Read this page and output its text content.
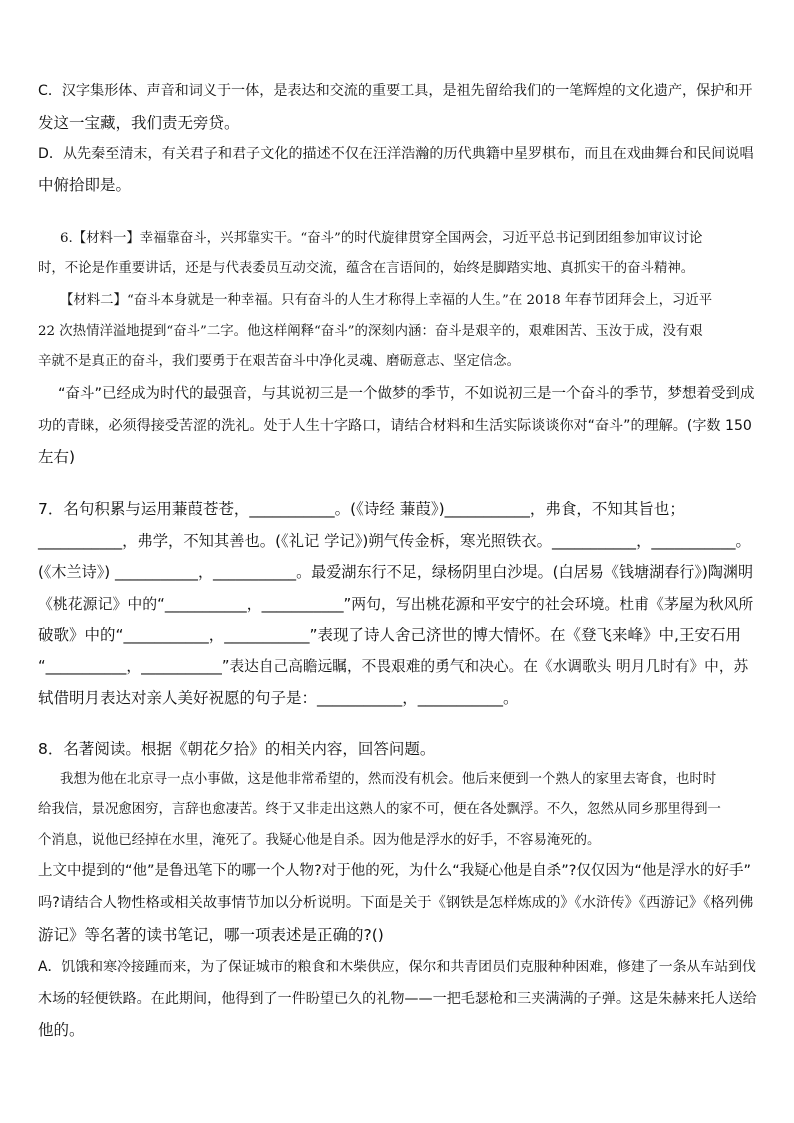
C．汉字集形体、声音和词义于一体，是表达和交流的重要工具，是祖先留给我们的一笔辉煌的文化遗产，保护和开
发这一宝藏，我们责无旁贷。
D．从先秦至清末，有关君子和君子文化的描述不仅在汪洋浩瀚的历代典籍中星罗棋布，而且在戏曲舞台和民间说唱
中俯拾即是。
6.【材料一】幸福靠奋斗，兴邦靠实干。“奋斗”的时代旋律贯穿全国两会，习近平总书记到团组参加审议讨论
时，不论是作重要讲话，还是与代表委员互动交流，蕴含在言语间的，始终是脚踏实地、真抓实干的奋斗精神。
【材料二】“奋斗本身就是一种幸福。只有奋斗的人生才称得上幸福的人生。”在 2018 年春节团拜会上，习近平
22 次热情洋溢地提到“奋斗”二字。他这样阐释“奋斗”的深刻内涵：奋斗是艰辛的，艰难困苦、玉汝于成，没有艰
辛就不是真正的奋斗，我们要勇于在艰苦奋斗中净化灵魂、磨砺意志、坚定信念。
“奋斗”已经成为时代的最强音，与其说初三是一个做梦的季节，不如说初三是一个奋斗的季节，梦想着受到成
功的青睐，必须得接受苦涩的洗礼。处于人生十字路口，请结合材料和生活实际谈谈你对“奋斗”的理解。(字数 150
左右)
7．名句积累与运用蒹葭苍苍，___________。(《诗经 蒹葭》)___________，弗食，不知其旨也；
___________，弗学，不知其善也。(《礼记 学记》)朔气传金柝，寒光照铁衣。___________，___________。
(《木兰诗》) ___________，___________。最爱湖东行不足，绿杨阴里白沙堤。(白居易《钱塘湖春行》)陶渊明
《桃花源记》中的“___________，___________”两句，写出桃花源和平安宁的社会环境。杜甫《茅屋为秋风所
破歌》中的“___________，___________”表现了诗人舍己济世的博大情怀。在《登飞来峰》中,王安石用
“___________，___________”表达自己高瞻远瞩，不畏艰难的勇气和决心。在《水调歌头 明月几时有》中，苏
轼借明月表达对亲人美好祝愿的句子是：___________，___________。
8．名著阅读。根据《朝花夕拾》的相关内容，回答问题。
我想为他在北京寻一点小事做，这是他非常希望的，然而没有机会。他后来便到一个熟人的家里去寄食，也时时
给我信，景况愈困穷，言辞也愈凄苦。终于又非走出这熟人的家不可，便在各处飘浮。不久，忽然从同乡那里得到一
个消息，说他已经掉在水里，淹死了。我疑心他是自杀。因为他是浮水的好手，不容易淹死的。
上文中提到的“他”是鲁迅笔下的哪一个人物?对于他的死，为什么“我疑心他是自杀”?仅仅因为“他是浮水的好手”
吗?请结合人物性格或相关故事情节加以分析说明。下面是关于《钢铁是怎样炼成的》《水浒传》《西游记》《格列佛
游记》等名著的读书笔记，哪一项表述是正确的?()
A．饥饿和寒冷接踵而来，为了保证城市的粮食和木柴供应，保尔和共青团员们克服种种困难，修建了一条从车站到伐
木场的轻便铁路。在此期间，他得到了一件盼望已久的礼物——一把毛瑟枪和三夹满满的子弹。这是朱赫来托人送给
他的。
